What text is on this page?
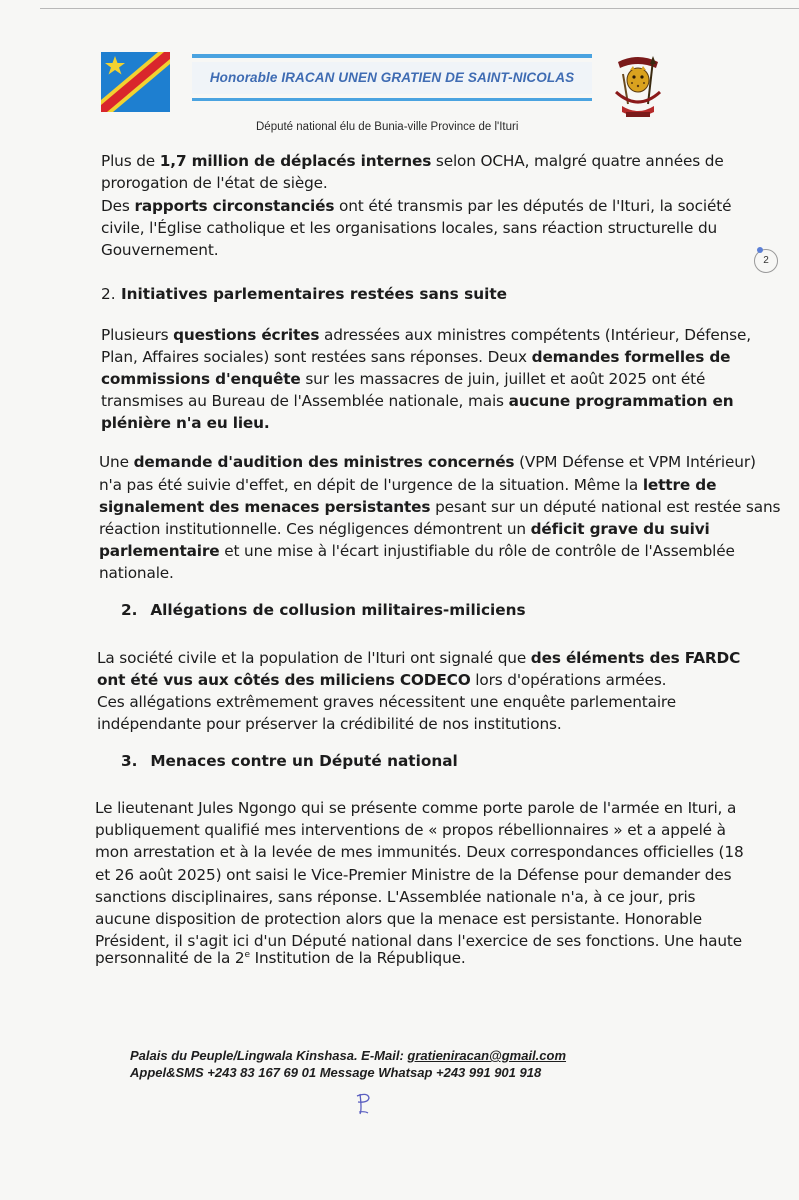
Honorable IRACAN UNEN GRATIEN DE SAINT-NICOLAS
Député national élu de Bunia-ville Province de l'Ituri
2

Plus de 1,7 million de déplacés internes selon OCHA, malgré quatre années de

prorogation de l'état de siège.

Des rapports circonstanciés ont été transmis par les députés de l'Ituri, la société

civile, l'Église catholique et les organisations locales, sans réaction structurelle du

Gouvernement.

2. Initiatives parlementaires restées sans suite

Plusieurs questions écrites adressées aux ministres compétents (Intérieur, Défense,

Plan, Affaires sociales) sont restées sans réponses. Deux demandes formelles de

commissions d'enquête sur les massacres de juin, juillet et août 2025 ont été

transmises au Bureau de l'Assemblée nationale, mais aucune programmation en

plénière n'a eu lieu.

Une demande d'audition des ministres concernés (VPM Défense et VPM Intérieur)

n'a pas été suivie d'effet, en dépit de l'urgence de la situation. Même la lettre de

signalement des menaces persistantes pesant sur un député national est restée sans

réaction institutionnelle. Ces négligences démontrent un déficit grave du suivi

parlementaire et une mise à l'écart injustifiable du rôle de contrôle de l'Assemblée

nationale.

2. Allégations de collusion militaires-miliciens

La société civile et la population de l'Ituri ont signalé que des éléments des FARDC

ont été vus aux côtés des miliciens CODECO lors d'opérations armées.

Ces allégations extrêmement graves nécessitent une enquête parlementaire

indépendante pour préserver la crédibilité de nos institutions.

3. Menaces contre un Député national

Le lieutenant Jules Ngongo qui se présente comme porte parole de l'armée en Ituri, a

publiquement qualifié mes interventions de « propos rébellionnaires » et a appelé à

mon arrestation et à la levée de mes immunités. Deux correspondances officielles (18

et 26 août 2025) ont saisi le Vice-Premier Ministre de la Défense pour demander des

sanctions disciplinaires, sans réponse. L'Assemblée nationale n'a, à ce jour, pris

aucune disposition de protection alors que la menace est persistante. Honorable

Président, il s'agit ici d'un Député national dans l'exercice de ses fonctions. Une haute

personnalité de la 2e Institution de la République.

Palais du Peuple/Lingwala Kinshasa. E-Mail: gratieniracan@gmail.com
Appel&SMS +243 83 167 69 01 Message Whatsap +243 991 901 918
